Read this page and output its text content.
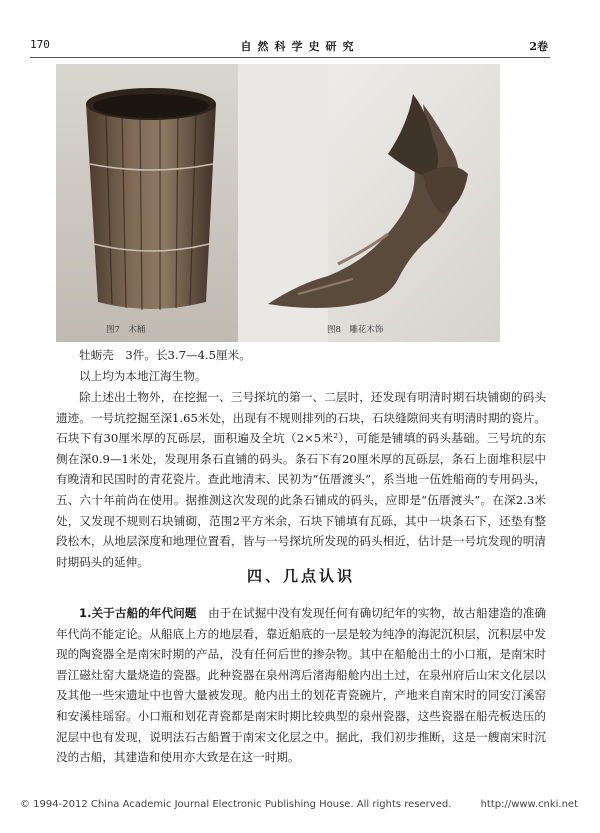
170	自然科学史研究	2卷
图7　木桶	图8　雕花木饰
牡蛎壳　3件。长3.7—4.5厘米。
以上均为本地江海生物。

除上述出土物外，在挖掘一、三号探坑的第一、二层时，还发现有明清时期石块铺砌的码头遗迹。一号坑挖掘至深1.65米处，出现有不规则排列的石块，石块缝隙间夹有明清时期的瓷片。石块下有30厘米厚的瓦砾层，面积遍及全坑（2×5米²），可能是铺填的码头基础。三号坑的东侧在深0.9—1米处，发现用条石直铺的码头。条石下有20厘米厚的瓦砾层，条石上面堆积层中有晚清和民国时的青花瓷片。查此地清末、民初为“伍厝渡头”，系当地一伍姓船商的专用码头，五、六十年前尚在使用。据推测这次发现的此条石铺成的码头，应即是“伍厝渡头”。在深2.3米处，又发现不规则石块铺砌，范围2平方米余，石块下铺填有瓦砾，其中一块条石下，还垫有整段松木，从地层深度和地理位置看，皆与一号探坑所发现的码头相近，估计是一号坑发现的明清时期码头的延伸。

四、几点认识

1.关于古船的年代问题　 由于在试掘中没有发现任何有确切纪年的实物，故古船建造的准确年代尚不能定论。从船底上方的地层看，靠近船底的一层是较为纯净的海泥沉积层，沉积层中发现的陶瓷器全是南宋时期的产品，没有任何后世的掺杂物。其中在船舱出土的小口瓶，是南宋时晋江磁灶窑大量烧造的瓷器。此种瓷器在泉州湾后渚海船舱内出土过，在泉州府后山宋文化层以及其他一些宋遗址中也曾大量被发现。舱内出土的划花青瓷碗片，产地来自南宋时的同安汀溪窑和安溪桂瑶窑。小口瓶和划花青瓷都是南宋时期比较典型的泉州瓷器，这些瓷器在船壳板迭压的泥层中也有发现，说明法石古船置于南宋文化层之中。据此，我们初步推断，这是一艘南宋时沉没的古船，其建造和使用亦大致是在这一时期。

© 1994-2012 China Academic Journal Electronic Publishing House. All rights reserved.	http://www.cnki.net
